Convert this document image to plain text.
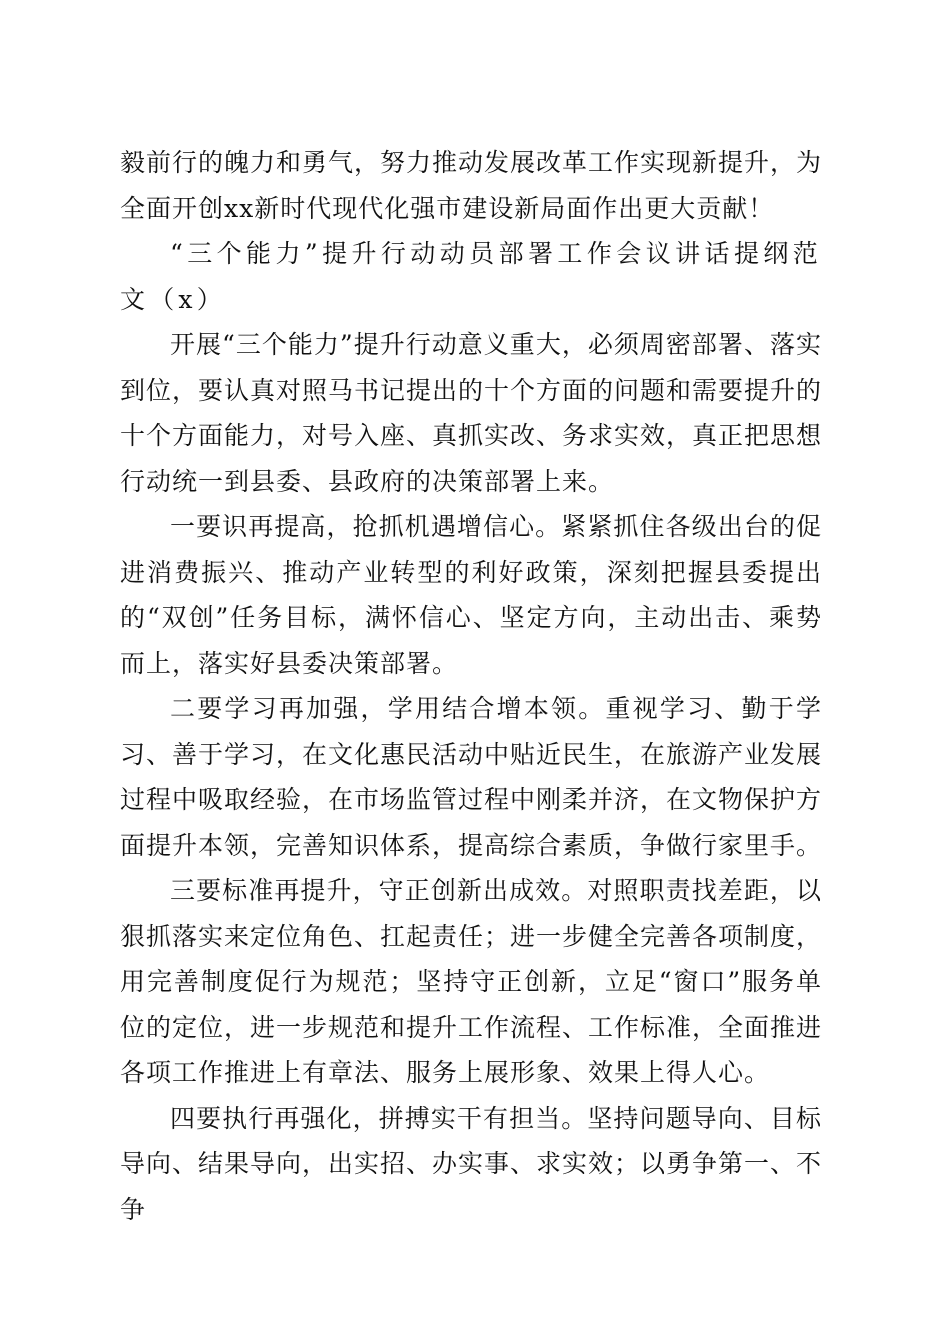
毅前行的魄力和勇气，努力推动发展改革工作实现新提升，为全面开创xx新时代现代化强市建设新局面作出更大贡献！

“三个能力”提升行动动员部署工作会议讲话提纲范文（x）

开展“三个能力”提升行动意义重大，必须周密部署、落实到位，要认真对照马书记提出的十个方面的问题和需要提升的十个方面能力，对号入座、真抓实改、务求实效，真正把思想行动统一到县委、县政府的决策部署上来。

一要识再提高，抢抓机遇增信心。紧紧抓住各级出台的促进消费振兴、推动产业转型的利好政策，深刻把握县委提出的“双创”任务目标，满怀信心、坚定方向，主动出击、乘势而上，落实好县委决策部署。

二要学习再加强，学用结合增本领。重视学习、勤于学习、善于学习，在文化惠民活动中贴近民生，在旅游产业发展过程中吸取经验，在市场监管过程中刚柔并济，在文物保护方面提升本领，完善知识体系，提高综合素质，争做行家里手。

三要标准再提升，守正创新出成效。对照职责找差距，以狠抓落实来定位角色、扛起责任；进一步健全完善各项制度，用完善制度促行为规范；坚持守正创新，立足“窗口”服务单位的定位，进一步规范和提升工作流程、工作标准，全面推进各项工作推进上有章法、服务上展形象、效果上得人心。

四要执行再强化，拼搏实干有担当。坚持问题导向、目标导向、结果导向，出实招、办实事、求实效；以勇争第一、不争
